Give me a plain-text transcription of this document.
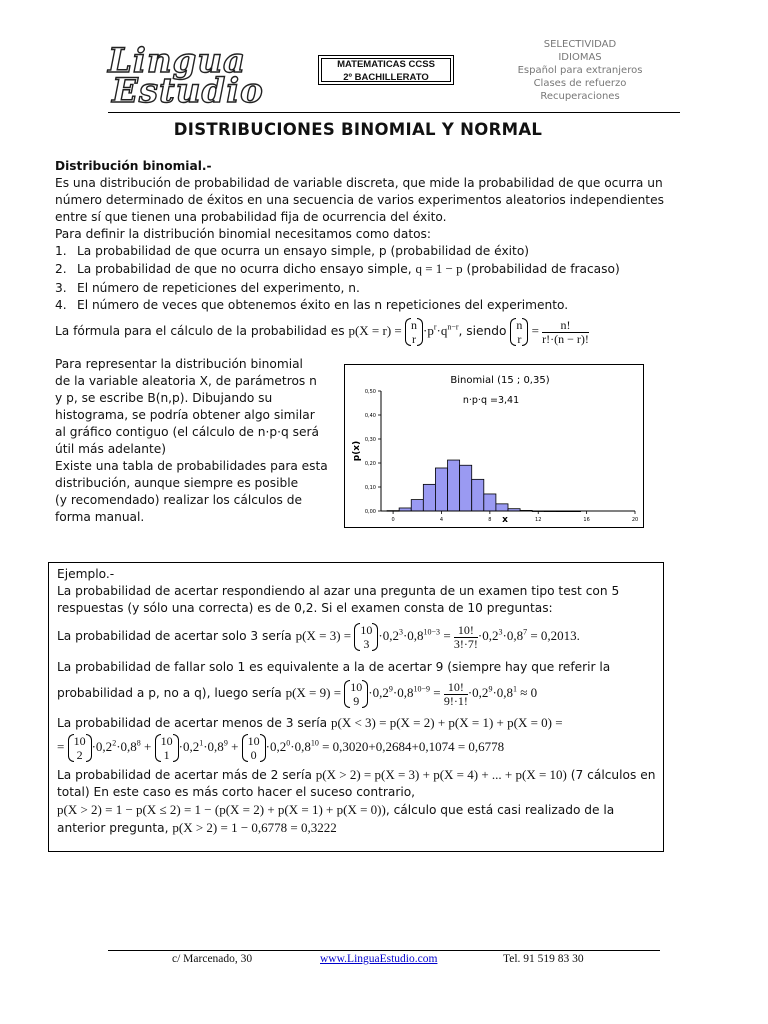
Lingua
Estudio
MATEMATICAS CCSS
2º BACHILLERATO
SELECTIVIDAD
IDIOMAS
Español para extranjeros
Clases de refuerzo
Recuperaciones
DISTRIBUCIONES BINOMIAL Y NORMAL
Distribución binomial.-
Es una distribución de probabilidad de variable discreta, que mide la probabilidad de que ocurra un
número determinado de éxitos en una secuencia de varios experimentos aleatorios independientes
entre sí que tienen una probabilidad fija de ocurrencia del éxito.
Para definir la distribución binomial necesitamos como datos:
1. La probabilidad de que ocurra un ensayo simple, p (probabilidad de éxito)
2. La probabilidad de que no ocurra dicho ensayo simple, q = 1 − p (probabilidad de fracaso)
3. El número de repeticiones del experimento, n.
4. El número de veces que obtenemos éxito en las n repeticiones del experimento.
La fórmula para el cálculo de la probabilidad es p(X = r) = n
r
$\cdot p^r\cdot q^{n-r}$, siendo n
r
= $\frac{n!}{r!\cdot(n - r)!}$
Para representar la distribución binomial
de la variable aleatoria X, de parámetros n
y p, se escribe B(n,p). Dibujando su
histograma, se podría obtener algo similar
al gráfico contiguo (el cálculo de n·p·q será
útil más adelante)
Existe una tabla de probabilidades para esta
distribución, aunque siempre es posible
(y recomendado) realizar los cálculos de
forma manual.	0,00
0,10
0,20
0,30
0,40
0,50
0	4	8	12	16	20
Binomial (15 ; 0,35)
n·p·q =3,41
x
p(x)
Ejemplo.-
La probabilidad de acertar respondiendo al azar una pregunta de un examen tipo test con 5
respuestas (y sólo una correcta) es de 0,2. Si el examen consta de 10 preguntas:
La probabilidad de acertar solo 3 sería p(X = 3) = 10
3
$\cdot 0,2^3\cdot 0,8^{10-3} = \frac{10!}{3!\cdot 7!} \cdot 0,2^3\cdot 0,8^7 = 0,2013$.
La probabilidad de fallar solo 1 es equivalente a la de acertar 9 (siempre hay que referir la
probabilidad a p, no a q), luego sería p(X = 9) = 10
9
$\cdot 0,2^9\cdot 0,8^{10-9} = \frac{10!}{9!\cdot 1!} \cdot 0,2^9\cdot 0,8^1 \approx 0$
La probabilidad de acertar menos de 3 sería p(X < 3) = p(X = 2) + p(X = 1) + p(X = 0) =
= 10
2
$\cdot 0,2^2\cdot 0,8^8 + 10$
1
$\cdot 0,2^1\cdot 0,8^9 + 10$
0
$\cdot 0,2^0\cdot 0,8^{10} = 0,3020+0,2684+0,1074 = 0,6778$
La probabilidad de acertar más de 2 sería p(X > 2) = p(X = 3) + p(X = 4) + ... + p(X = 10) (7 cálculos en
total) En este caso es más corto hacer el suceso contrario,
p(X > 2) = 1 − p(X ≤ 2) = 1 − (p(X = 2) + p(X = 1) + p(X = 0)), cálculo que está casi realizado de la
anterior pregunta, p(X > 2) = 1 − 0,6778 = 0,3222
c/ Marcenado, 30	www.LinguaEstudio.com	Tel. 91 519 83 30
